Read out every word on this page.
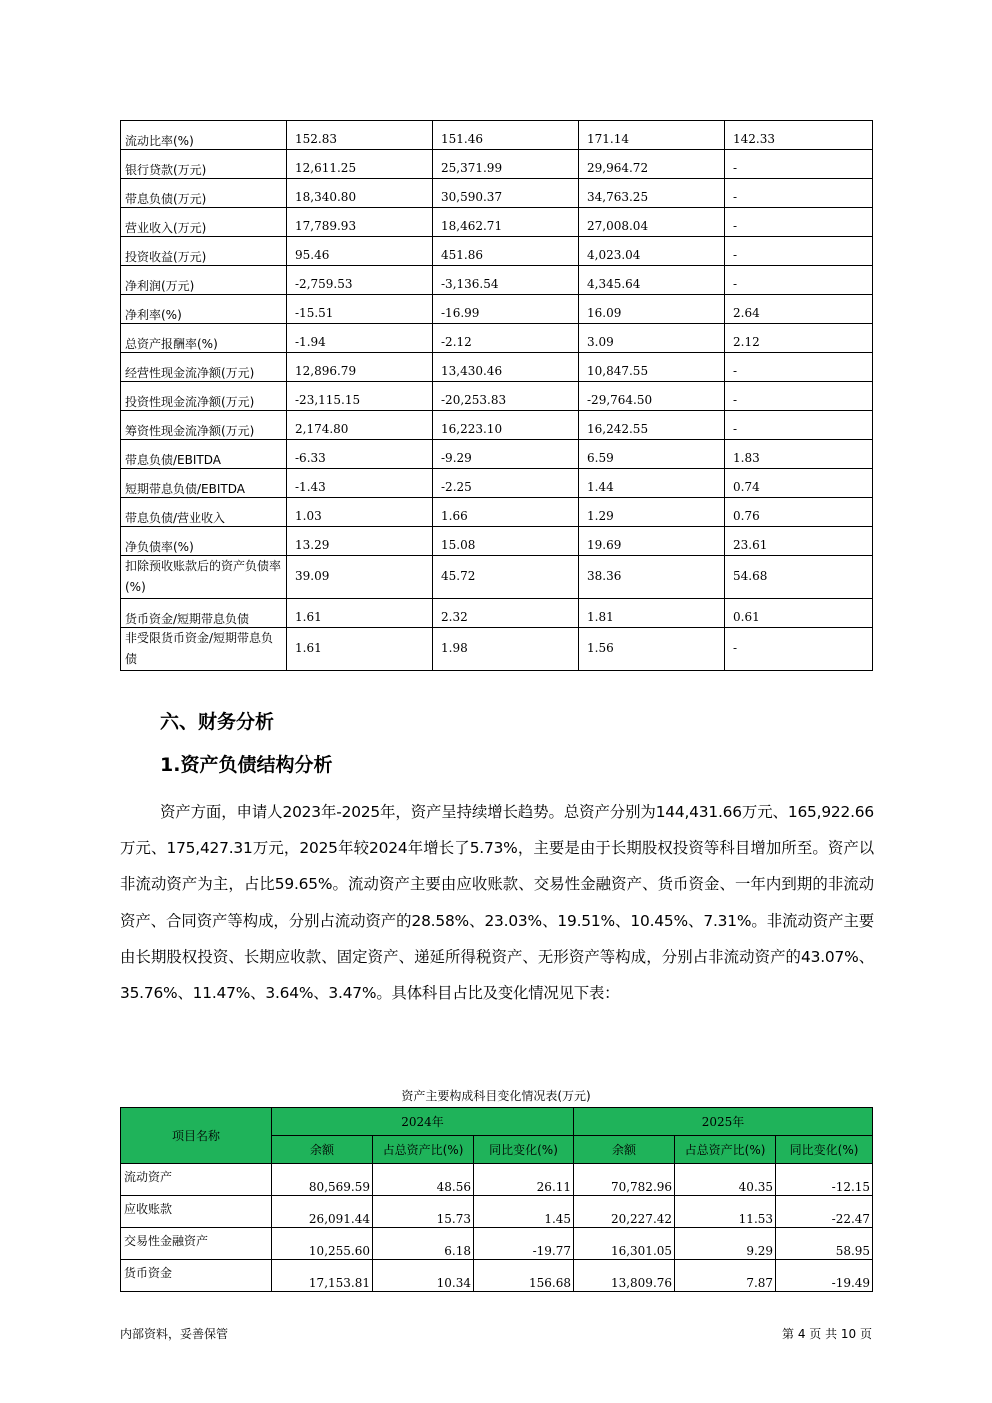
流动比率(%)	152.83	151.46	171.14	142.33
银行贷款(万元)	12,611.25	25,371.99	29,964.72	-
带息负债(万元)	18,340.80	30,590.37	34,763.25	-
营业收入(万元)	17,789.93	18,462.71	27,008.04	-
投资收益(万元)	95.46	451.86	4,023.04	-
净利润(万元)	-2,759.53	-3,136.54	4,345.64	-
净利率(%)	-15.51	-16.99	16.09	2.64
总资产报酬率(%)	-1.94	-2.12	3.09	2.12
经营性现金流净额(万元)	12,896.79	13,430.46	10,847.55	-
投资性现金流净额(万元)	-23,115.15	-20,253.83	-29,764.50	-
筹资性现金流净额(万元)	2,174.80	16,223.10	16,242.55	-
带息负债/EBITDA	-6.33	-9.29	6.59	1.83
短期带息负债/EBITDA	-1.43	-2.25	1.44	0.74
带息负债/营业收入	1.03	1.66	1.29	0.76
净负债率(%)	13.29	15.08	19.69	23.61
扣除预收账款后的资产负债率(%)	39.09	45.72	38.36	54.68
货币资金/短期带息负债	1.61	2.32	1.81	0.61
非受限货币资金/短期带息负债	1.61	1.98	1.56	-
六、财务分析
1.资产负债结构分析
资产方面，申请人2023年-2025年，资产呈持续增长趋势。总资产分别为144,431.66万元、165,922.66万元、175,427.31万元，2025年较2024年增长了5.73%，主要是由于长期股权投资等科目增加所至。资产以非流动资产为主，占比59.65%。流动资产主要由应收账款、交易性金融资产、货币资金、一年内到期的非流动资产、合同资产等构成，分别占流动资产的28.58%、23.03%、19.51%、10.45%、7.31%。非流动资产主要由长期股权投资、长期应收款、固定资产、递延所得税资产、无形资产等构成，分别占非流动资产的43.07%、35.76%、11.47%、3.64%、3.47%。具体科目占比及变化情况见下表：
资产主要构成科目变化情况表(万元)
项目名称	2024年			2025年		
	余额	占总资产比(%)	同比变化(%)	余额	占总资产比(%)	同比变化(%)
流动资产	80,569.59	48.56	26.11	70,782.96	40.35	-12.15
应收账款	26,091.44	15.73	1.45	20,227.42	11.53	-22.47
交易性金融资产	10,255.60	6.18	-19.77	16,301.05	9.29	58.95
货币资金	17,153.81	10.34	156.68	13,809.76	7.87	-19.49
内部资料，妥善保管	第 4 页 共 10 页
